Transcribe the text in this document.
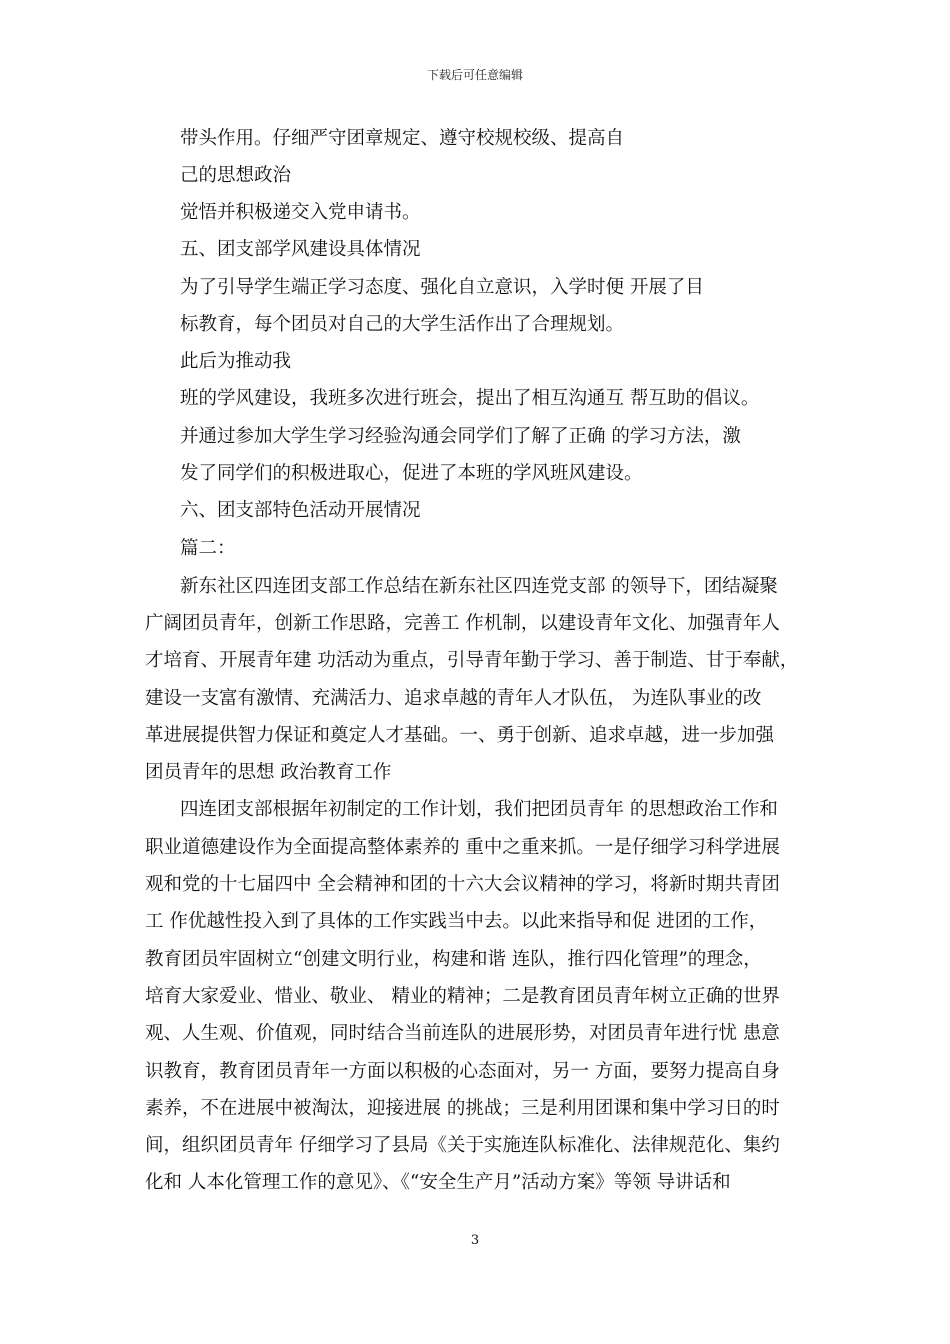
下载后可任意编辑
带头作用。仔细严守团章规定、遵守校规校级、提高自
己的思想政治
觉悟并积极递交入党申请书。
五、团支部学风建设具体情况
为了引导学生端正学习态度、强化自立意识，入学时便 开展了目
标教育，每个团员对自己的大学生活作出了合理规划。
此后为推动我
班的学风建设，我班多次进行班会，提出了相互沟通互 帮互助的倡议。
并通过参加大学生学习经验沟通会同学们了解了正确 的学习方法，激
发了同学们的积极进取心，促进了本班的学风班风建设。
六、团支部特色活动开展情况
篇二：
新东社区四连团支部工作总结在新东社区四连党支部 的领导下，团结凝聚
广阔团员青年，创新工作思路，完善工 作机制，以建设青年文化、加强青年人
才培育、开展青年建 功活动为重点，引导青年勤于学习、善于制造、甘于奉献，
建设一支富有激情、充满活力、追求卓越的青年人才队伍， 为连队事业的改
革进展提供智力保证和奠定人才基础。一、勇于创新、追求卓越，进一步加强
团员青年的思想 政治教育工作
四连团支部根据年初制定的工作计划，我们把团员青年 的思想政治工作和
职业道德建设作为全面提高整体素养的 重中之重来抓。一是仔细学习科学进展
观和党的十七届四中 全会精神和团的十六大会议精神的学习，将新时期共青团
工 作优越性投入到了具体的工作实践当中去。以此来指导和促 进团的工作，
教育团员牢固树立“创建文明行业，构建和谐 连队，推行四化管理”的理念，
培育大家爱业、惜业、敬业、 精业的精神；二是教育团员青年树立正确的世界
观、人生观、价值观，同时结合当前连队的进展形势，对团员青年进行忧 患意
识教育，教育团员青年一方面以积极的心态面对，另一 方面，要努力提高自身
素养，不在进展中被淘汰，迎接进展 的挑战；三是利用团课和集中学习日的时
间，组织团员青年 仔细学习了县局《关于实施连队标准化、法律规范化、集约
化和 人本化管理工作的意见》、《“安全生产月”活动方案》等领 导讲话和
3
